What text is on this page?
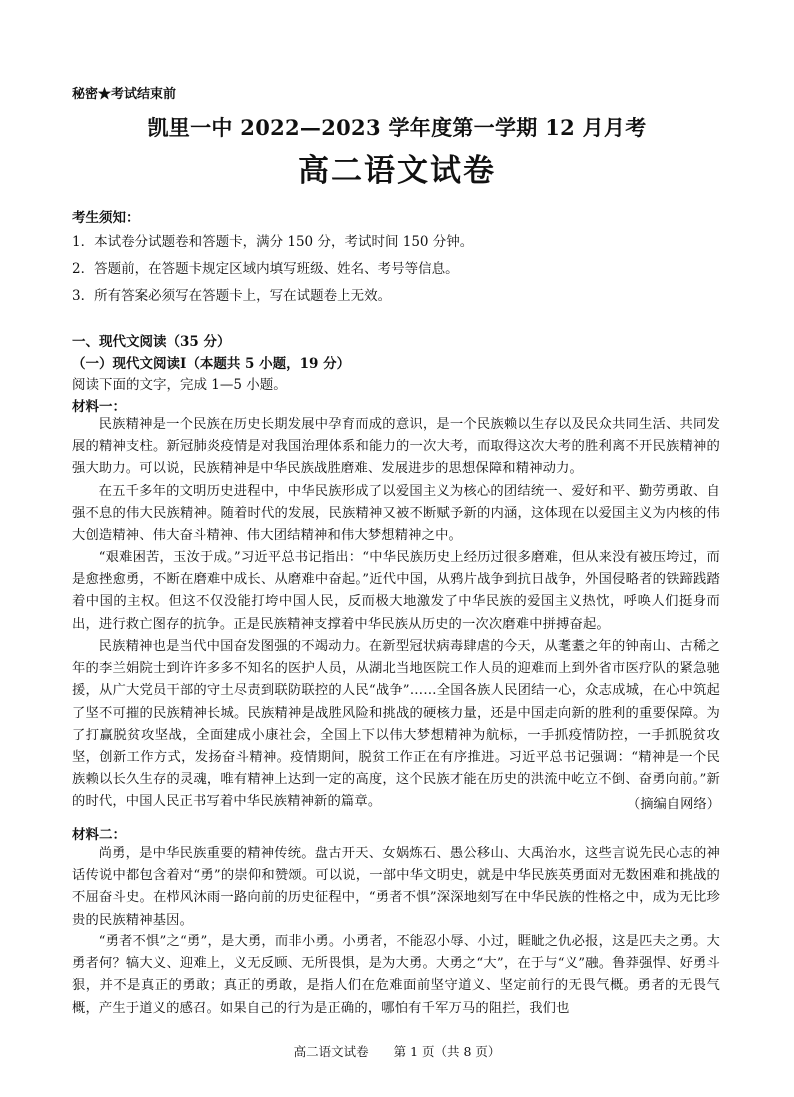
秘密★考试结束前
凯里一中 2022—2023 学年度第一学期 12 月月考
高二语文试卷
考生须知：
1．本试卷分试题卷和答题卡，满分 150 分，考试时间 150 分钟。
2．答题前，在答题卡规定区域内填写班级、姓名、考号等信息。
3．所有答案必须写在答题卡上，写在试题卷上无效。
一、现代文阅读（35 分）
（一）现代文阅读Ⅰ（本题共 5 小题，19 分）
阅读下面的文字，完成 1—5 小题。
材料一：
民族精神是一个民族在历史长期发展中孕育而成的意识，是一个民族赖以生存以及民众共同生活、共同发展的精神支柱。新冠肺炎疫情是对我国治理体系和能力的一次大考，而取得这次大考的胜利离不开民族精神的强大助力。可以说，民族精神是中华民族战胜磨难、发展进步的思想保障和精神动力。
在五千多年的文明历史进程中，中华民族形成了以爱国主义为核心的团结统一、爱好和平、勤劳勇敢、自强不息的伟大民族精神。随着时代的发展，民族精神又被不断赋予新的内涵，这体现在以爱国主义为内核的伟大创造精神、伟大奋斗精神、伟大团结精神和伟大梦想精神之中。
“艰难困苦，玉汝于成。”习近平总书记指出：“中华民族历史上经历过很多磨难，但从来没有被压垮过，而是愈挫愈勇，不断在磨难中成长、从磨难中奋起。”近代中国，从鸦片战争到抗日战争，外国侵略者的铁蹄践踏着中国的主权。但这不仅没能打垮中国人民，反而极大地激发了中华民族的爱国主义热忱，呼唤人们挺身而出，进行救亡图存的抗争。正是民族精神支撑着中华民族从历史的一次次磨难中拼搏奋起。
民族精神也是当代中国奋发图强的不竭动力。在新型冠状病毒肆虐的今天，从耄耋之年的钟南山、古稀之年的李兰娟院士到许许多多不知名的医护人员，从湖北当地医院工作人员的迎难而上到外省市医疗队的紧急驰援，从广大党员干部的守土尽责到联防联控的人民“战争”……全国各族人民团结一心，众志成城，在心中筑起了坚不可摧的民族精神长城。民族精神是战胜风险和挑战的硬核力量，还是中国走向新的胜利的重要保障。为了打赢脱贫攻坚战，全面建成小康社会，全国上下以伟大梦想精神为航标，一手抓疫情防控，一手抓脱贫攻坚，创新工作方式，发扬奋斗精神。疫情期间，脱贫工作正在有序推进。习近平总书记强调：“精神是一个民族赖以长久生存的灵魂，唯有精神上达到一定的高度，这个民族才能在历史的洪流中屹立不倒、奋勇向前。”新的时代，中国人民正书写着中华民族精神新的篇章。	（摘编自网络）
材料二：
尚勇，是中华民族重要的精神传统。盘古开天、女娲炼石、愚公移山、大禹治水，这些言说先民心志的神话传说中都包含着对“勇”的崇仰和赞颂。可以说，一部中华文明史，就是中华民族英勇面对无数困难和挑战的不屈奋斗史。在栉风沐雨一路向前的历史征程中，“勇者不惧”深深地刻写在中华民族的性格之中，成为无比珍贵的民族精神基因。
“勇者不惧”之“勇”，是大勇，而非小勇。小勇者，不能忍小辱、小过，睚眦之仇必报，这是匹夫之勇。大勇者何？犒大义、迎难上，义无反顾、无所畏惧，是为大勇。大勇之“大”，在于与“义”融。鲁莽强悍、好勇斗狠，并不是真正的勇敢；真正的勇敢，是指人们在危难面前坚守道义、坚定前行的无畏气概。勇者的无畏气概，产生于道义的感召。如果自己的行为是正确的，哪怕有千军万马的阻拦，我们也
高二语文试卷　　第 1 页（共 8 页）
